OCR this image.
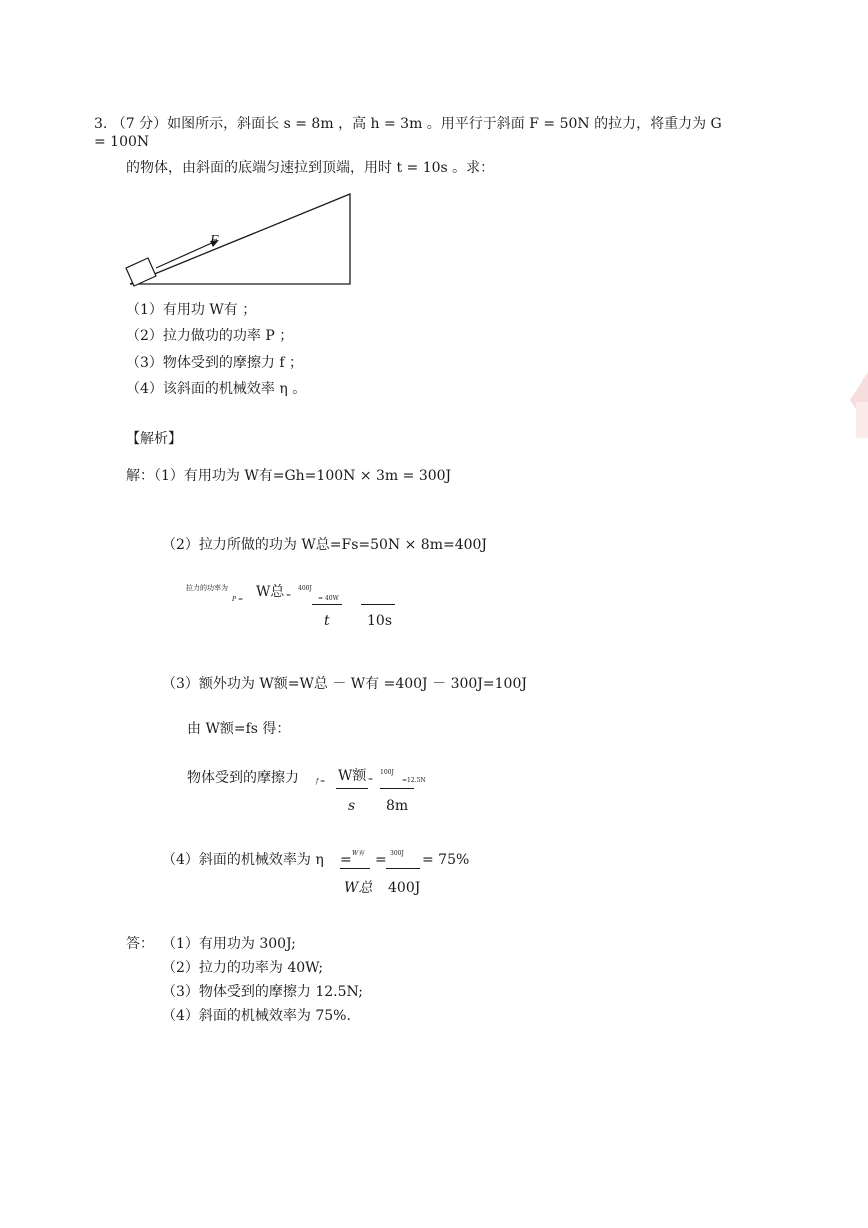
3. （7 分）如图所示，斜面长 s = 8m ，高 h = 3m 。用平行于斜面 F = 50N 的拉力，将重力为 G
= 100N
的物体，由斜面的底端匀速拉到顶端，用时 t = 10s 。求：
F
（1）有用功 W有 ；
（2）拉力做功的功率 P ；
（3）物体受到的摩擦力 f ；
（4）该斜面的机械效率 η 。
【解析】
解：（1）有用功为 W有=Gh=100N × 3m = 300J
（2）拉力所做的功为 W总=Fs=50N × 8m=400J
拉力的功率为
P = W总 =
400J
= 40W
t	10s
（3）额外功为 W额=W总 － W有 =400J － 300J=100J
由 W额=fs 得：
物体受到的摩擦力	f = W额 =
100J
=12.5N
s 8m
（4）斜面的机械效率为 η = W有 = 300J = 75%
W总 400J
答： （1）有用功为 300J;
（2）拉力的功率为 40W;
（3）物体受到的摩擦力 12.5N;
（4）斜面的机械效率为 75%.
